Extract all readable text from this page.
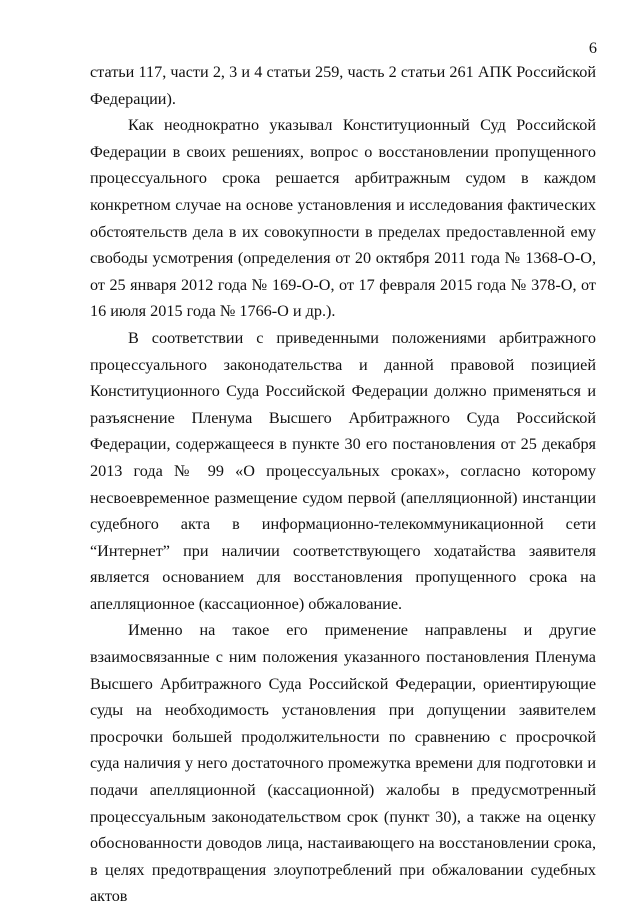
6

статьи 117, части 2, 3 и 4 статьи 259, часть 2 статьи 261 АПК Российской Федерации).

Как неоднократно указывал Конституционный Суд Российской Федерации в своих решениях, вопрос о восстановлении пропущенного процессуального срока решается арбитражным судом в каждом конкретном случае на основе установления и исследования фактических обстоятельств дела в их совокупности в пределах предоставленной ему свободы усмотрения (определения от 20 октября 2011 года № 1368-О-О, от 25 января 2012 года № 169-О-О, от 17 февраля 2015 года № 378-О, от 16 июля 2015 года № 1766-О и др.).

В соответствии с приведенными положениями арбитражного процессуального законодательства и данной правовой позицией Конституционного Суда Российской Федерации должно применяться и разъяснение Пленума Высшего Арбитражного Суда Российской Федерации, содержащееся в пункте 30 его постановления от 25 декабря 2013 года № 99 «О процессуальных сроках», согласно которому несвоевременное размещение судом первой (апелляционной) инстанции судебного акта в информационно-телекоммуникационной сети “Интернет” при наличии соответствующего ходатайства заявителя является основанием для восстановления пропущенного срока на апелляционное (кассационное) обжалование.

Именно на такое его применение направлены и другие взаимосвязанные с ним положения указанного постановления Пленума Высшего Арбитражного Суда Российской Федерации, ориентирующие суды на необходимость установления при допущении заявителем просрочки большей продолжительности по сравнению с просрочкой суда наличия у него достаточного промежутка времени для подготовки и подачи апелляционной (кассационной) жалобы в предусмотренный процессуальным законодательством срок (пункт 30), а также на оценку обоснованности доводов лица, настаивающего на восстановлении срока, в целях предотвращения злоупотреблений при обжаловании судебных актов
